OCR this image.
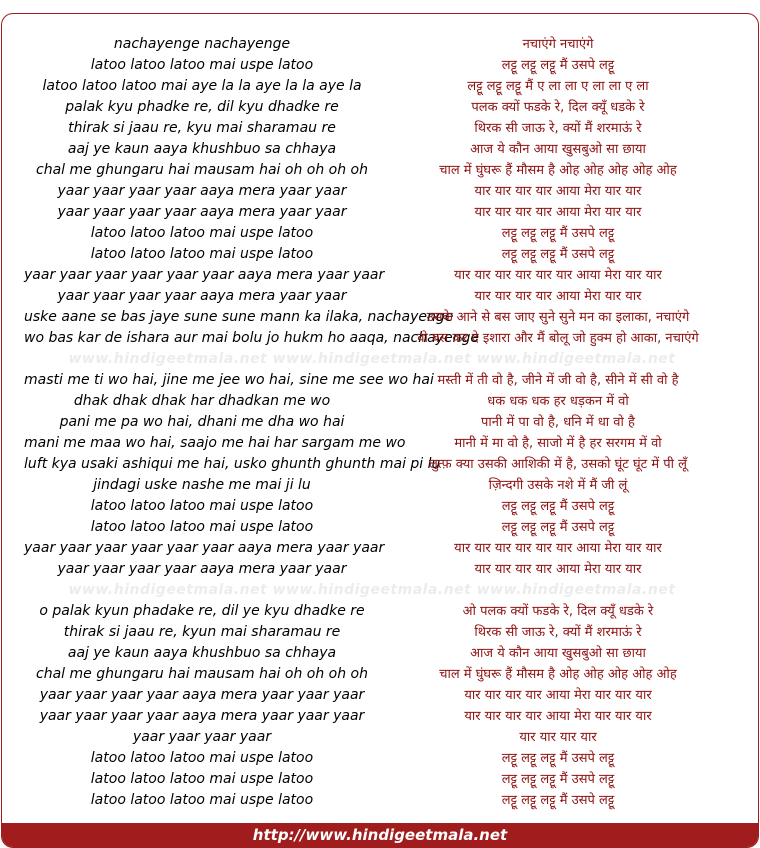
nachayenge nachayenge
latoo latoo latoo mai uspe latoo
latoo latoo latoo mai aye la la aye la la aye la
palak kyu phadke re, dil kyu dhadke re
thirak si jaau re, kyu mai sharamau re
aaj ye kaun aaya khushbuo sa chhaya
chal me ghungaru hai mausam hai oh oh oh oh
yaar yaar yaar yaar aaya mera yaar yaar
yaar yaar yaar yaar aaya mera yaar yaar
latoo latoo latoo mai uspe latoo
latoo latoo latoo mai uspe latoo
yaar yaar yaar yaar yaar yaar aaya mera yaar yaar
yaar yaar yaar yaar aaya mera yaar yaar
uske aane se bas jaye sune sune mann ka ilaka, nachayenge
wo bas kar de ishara aur mai bolu jo hukm ho aaqa, nachayenge
www.hindigeetmala.net www.hindigeetmala.net www.hindigeetmala.net
masti me ti wo hai, jine me jee wo hai, sine me see wo hai
dhak dhak dhak har dhadkan me wo
pani me pa wo hai, dhani me dha wo hai
mani me maa wo hai, saajo me hai har sargam me wo
luft kya usaki ashiqui me hai, usko ghunth ghunth mai pi lu
jindagi uske nashe me mai ji lu
latoo latoo latoo mai uspe latoo
latoo latoo latoo mai uspe latoo
yaar yaar yaar yaar yaar yaar aaya mera yaar yaar
yaar yaar yaar yaar aaya mera yaar yaar
www.hindigeetmala.net www.hindigeetmala.net www.hindigeetmala.net
o palak kyun phadake re, dil ye kyu dhadke re
thirak si jaau re, kyun mai sharamau re
aaj ye kaun aaya khushbuo sa chhaya
chal me ghungaru hai mausam hai oh oh oh oh
yaar yaar yaar yaar aaya mera yaar yaar yaar
yaar yaar yaar yaar aaya mera yaar yaar yaar
yaar yaar yaar yaar
latoo latoo latoo mai uspe latoo
latoo latoo latoo mai uspe latoo
latoo latoo latoo mai uspe latoo
नचाएंगे नचाएंगे
लट्टू लट्टू लट्टू मैं उसपे लट्टू
लट्टू लट्टू लट्टू मैं ए ला ला ए ला ला ए ला
पलक क्यों फडके रे, दिल क्यूँ धडके रे
थिरक सी जाऊ रे, क्यों मैं शरमाऊं रे
आज ये कौन आया खुसबुओ सा छाया
चाल में घुंघरू हैं मौसम है ओह ओह ओह ओह ओह
यार यार यार यार आया मेरा यार यार
यार यार यार यार आया मेरा यार यार
लट्टू लट्टू लट्टू मैं उसपे लट्टू
लट्टू लट्टू लट्टू मैं उसपे लट्टू
यार यार यार यार यार यार आया मेरा यार यार
यार यार यार यार आया मेरा यार यार
उसके आने से बस जाए सुने सुने मन का इलाका, नचाएंगे
वो बस कर दे इशारा और मैं बोलू जो हुक्म हो आका, नचाएंगे
मस्ती में ती वो है, जीने में जी वो है, सीने में सी वो है
धक धक धक हर धड़कन में वो
पानी में पा वो है, धनि में धा वो है
मानी में मा वो है, साजो में है हर सरगम में वो
लुत्फ़ क्या उसकी आशिकी में है, उसको घूंट घूंट में पी लूँ
ज़िन्दगी उसके नशे में मैं जी लूं
लट्टू लट्टू लट्टू मैं उसपे लट्टू
लट्टू लट्टू लट्टू मैं उसपे लट्टू
यार यार यार यार यार यार आया मेरा यार यार
यार यार यार यार आया मेरा यार यार
ओ पलक क्यों फडके रे, दिल क्यूँ धडके रे
थिरक सी जाऊ रे, क्यों मैं शरमाऊं रे
आज ये कौन आया खुसबुओ सा छाया
चाल में घुंघरू हैं मौसम है ओह ओह ओह ओह ओह
यार यार यार यार आया मेरा यार यार यार
यार यार यार यार आया मेरा यार यार यार
यार यार यार यार
लट्टू लट्टू लट्टू मैं उसपे लट्टू
लट्टू लट्टू लट्टू मैं उसपे लट्टू
लट्टू लट्टू लट्टू मैं उसपे लट्टू
http://www.hindigeetmala.net
